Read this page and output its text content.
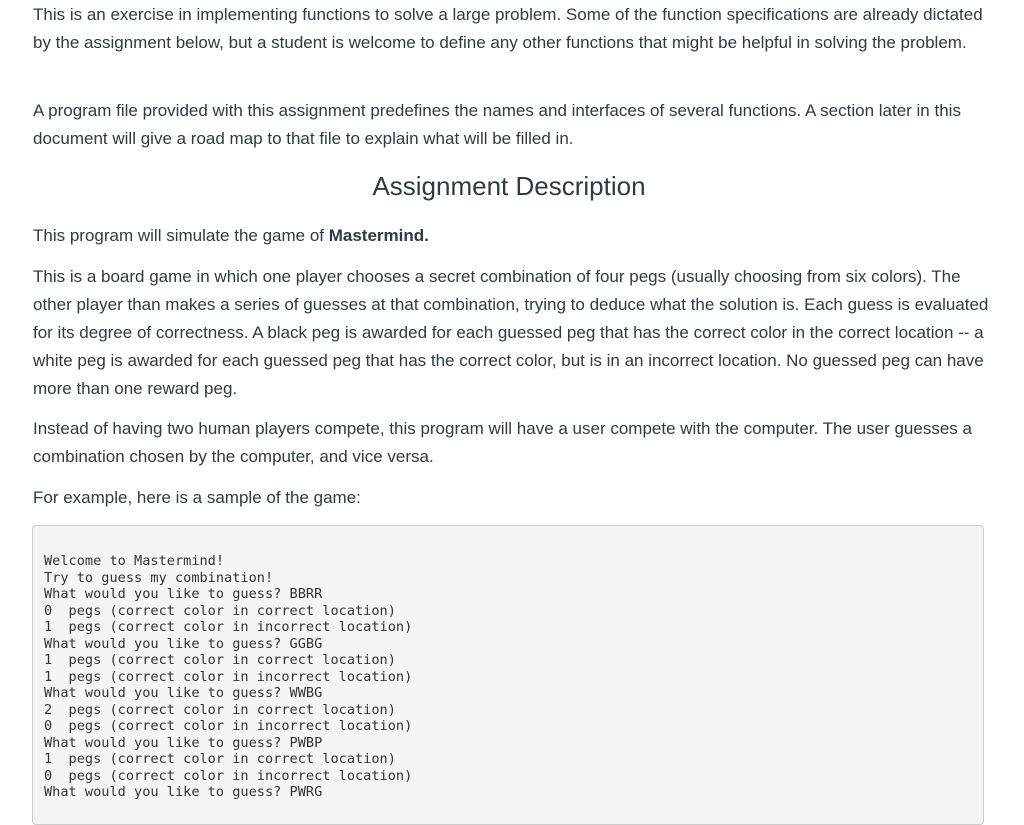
This is an exercise in implementing functions to solve a large problem. Some of the function specifications are already dictated by the assignment below, but a student is welcome to define any other functions that might be helpful in solving the problem.

A program file provided with this assignment predefines the names and interfaces of several functions. A section later in this document will give a road map to that file to explain what will be filled in.

Assignment Description

This program will simulate the game of Mastermind.

This is a board game in which one player chooses a secret combination of four pegs (usually choosing from six colors). The other player than makes a series of guesses at that combination, trying to deduce what the solution is. Each guess is evaluated for its degree of correctness. A black peg is awarded for each guessed peg that has the correct color in the correct location -- a white peg is awarded for each guessed peg that has the correct color, but is in an incorrect location. No guessed peg can have more than one reward peg.

Instead of having two human players compete, this program will have a user compete with the computer. The user guesses a combination chosen by the computer, and vice versa.

For example, here is a sample of the game:

Welcome to Mastermind!
Try to guess my combination!
What would you like to guess? BBRR
0  pegs (correct color in correct location)
1  pegs (correct color in incorrect location)
What would you like to guess? GGBG
1  pegs (correct color in correct location)
1  pegs (correct color in incorrect location)
What would you like to guess? WWBG
2  pegs (correct color in correct location)
0  pegs (correct color in incorrect location)
What would you like to guess? PWBP
1  pegs (correct color in correct location)
0  pegs (correct color in incorrect location)
What would you like to guess? PWRG
